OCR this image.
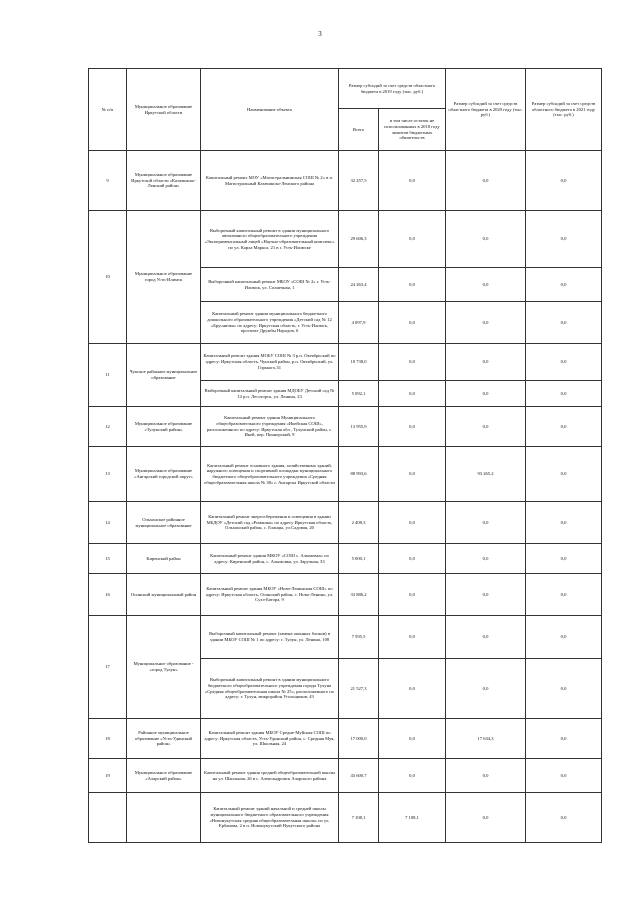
3
№ п/п	Муниципальное образование Иркутской области	Наименование объекта	Размер субсидий за счет средств областного бюджета в 2019 году (тыс. руб.)		Размер субсидий за счет средств областного бюджета в 2020 году (тыс. руб.)	Размер субсидий за счет средств областного бюджета в 2021 году (тыс. руб.)
			Всего	в том числе остаток не использованных в 2018 году лимитов бюджетных обязательств		
9	Муниципальное образование Иркутской области «Казачинско-Ленский район»	Капитальный ремонт МОУ «Магистральнинская СОШ № 2» в п. Магистральный Казачинско-Ленского района	32 257,5	0,0	0,0	0,0
10	Муниципальное образование город Усть-Илимск	Выборочный капитальный ремонт в здании муниципального автономного общеобразовательного учреждения «Экспериментальный лицей «Научно-образовательный комплекс» по ул. Карла Маркса, 21 в г. Усть-Илимске	29 606,3	0,0	0,0	0,0
		Выборочный капитальный ремонт МБОУ «СОШ № 2» г. Усть-Илимск, ул. Солнечная, 1	24 263,4	0,0	0,0	0,0
		Капитальный ремонт здания муниципального бюджетного дошкольного образовательного учреждения «Детский сад № 12 «Брусничка» по адресу: Иркутская область, г. Усть-Илимск, проспект Дружбы Народов, 6	4 097,9	0,0	0,0	0,0
11	Чунское районное муниципальное образование	Капитальный ремонт здания МОБУ СОШ № 3 р.п. Октябрьский по адресу: Иркутская область, Чунский район, р.п. Октябрьский, ул. Горького,31	10 738,0	0,0	0,0	0,0
		Выборочный капитальный ремонт здания МДОБУ Детский сад № 14 р.п. Лесогорск, ул. Ленина, 23	5 092,1	0,0	0,0	0,0
12	Муниципальное образование «Тулунский район»	Капитальный ремонт здания Муниципального общеобразовательного учреждения «Икейская СОШ», расположенного по адресу: Иркутская обл., Тулунский район, с. Икей, пер. Пионерский, 9	13 955,9	0,0	0,0	0,0
13	Муниципальное образование «Ангарский городской округ»	Капитальный ремонт основного здания, хозяйственных зданий, наружного освещения и спортивной площадки муниципального бюджетного общеобразовательного учреждения «Средняя общеобразовательная школа № 38» г. Ангарска Иркутской области	88 993,6	0,0	93 265,2	0,0
14	Ольхонское районное муниципальное образование	Капитальный ремонт энергосбережения и освещения в здании МБДОУ «Детский сад «Ромашка» по адресу Иркутская область, Ольхонский район, с. Еланцы, ул.Садовая, 20	2 408,3	0,0	0,0	0,0
15	Киренский район	Капитальный ремонт здания МКОУ «СОШ с. Алымовка» по адресу: Киренский район, с. Алымовка, ул. Заручная, 33	5 000,1	0,0	0,0	0,0
16	Осинский муниципальный район	Капитальный ремонт здания МБОУ «Ново-Ленинская СОШ» по адресу: Иркутская область, Осинский район, с. Ново-Ленино, ул. Сухэ-Батора, 9	33 886,2	0,0	0,0	0,0
17	Муниципальное образование - «город Тулун»	Выборочный капитальный ремонт (замена оконных блоков) в здании МБОУ СОШ № 1 по адресу: г. Тулун, ул. Ленина, 108	7 595,5	0,0	0,0	0,0
		Выборочный капитальный ремонт в здании муниципального бюджетного общеобразовательного учреждения города Тулуна «Средняя общеобразовательная школа № 25», расположенного по адресу: г. Тулун, микрорайон Угольщиков, 43	21 527,3	0,0	0,0	0,0
18	Районное муниципальное образование «Усть-Удинский район»	Капитальный ремонт здания МБОУ Средне-Муйская СОШ по адресу: Иркутская область, Усть-Удинский район, с. Средняя Муя, ул. Школьная, 24	17 000,0	0,0	17 634,3	0,0
19	Муниципальное образование «Аларский район»	Капитальный ремонт здания средней общеобразовательной школы на ул. Школьная, 26 в с. Александровск Аларского района	43 600,7	0,0	0,0	0,0
		Капитальный ремонт зданий начальной и средней школы муниципального бюджетного образовательного учреждения «Новонукутская средняя общеобразовательная школа» по ул. Ербанова, 2 в п. Новонукутский Нукутского района	7 108,1	7 108,1	0,0	0,0
